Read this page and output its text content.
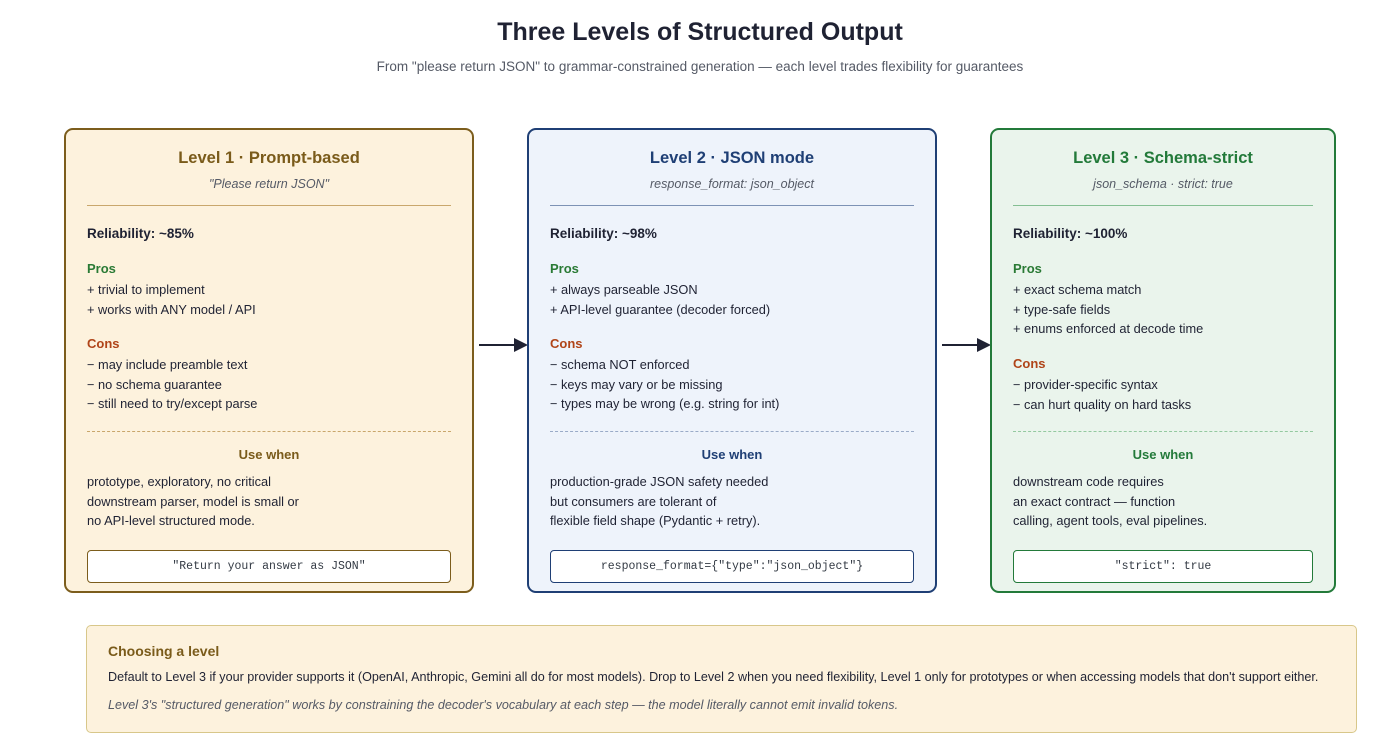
Three Levels of Structured Output
From "please return JSON" to grammar-constrained generation — each level trades flexibility for guarantees
Level 1 · Prompt-based
"Please return JSON"
Reliability: ~85%
Pros
+ trivial to implement
+ works with ANY model / API
Cons
− may include preamble text
− no schema guarantee
− still need to try/except parse
Use when
prototype, exploratory, no critical
downstream parser, model is small or
no API-level structured mode.
"Return your answer as JSON"
Level 2 · JSON mode
response_format: json_object
Reliability: ~98%
Pros
+ always parseable JSON
+ API-level guarantee (decoder forced)
Cons
− schema NOT enforced
− keys may vary or be missing
− types may be wrong (e.g. string for int)
Use when
production-grade JSON safety needed
but consumers are tolerant of
flexible field shape (Pydantic + retry).
response_format={"type":"json_object"}
Level 3 · Schema-strict
json_schema · strict: true
Reliability: ~100%
Pros
+ exact schema match
+ type-safe fields
+ enums enforced at decode time
Cons
− provider-specific syntax
− can hurt quality on hard tasks
Use when
downstream code requires
an exact contract — function
calling, agent tools, eval pipelines.
"strict": true
Choosing a level
Default to Level 3 if your provider supports it (OpenAI, Anthropic, Gemini all do for most models). Drop to Level 2 when you need flexibility, Level 1 only for prototypes or when accessing models that don't support either.
Level 3's "structured generation" works by constraining the decoder's vocabulary at each step — the model literally cannot emit invalid tokens.
